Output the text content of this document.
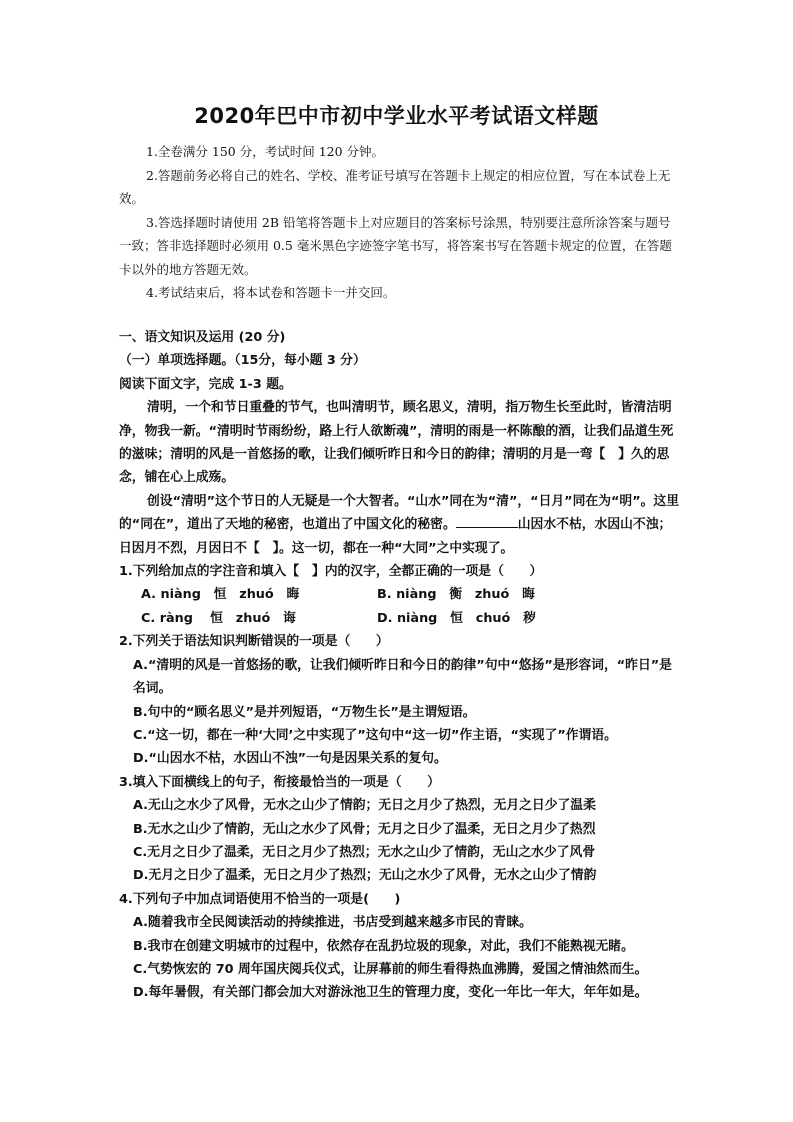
2020年巴中市初中学业水平考试语文样题

1.全卷满分 150 分，考试时间 120 分钟。

2.答题前务必将自己的姓名、学校、准考证号填写在答题卡上规定的相应位置，写在本试卷上无效。

3.答选择题时请使用 2B 铅笔将答题卡上对应题目的答案标号涂黑，特别要注意所涂答案与题号一致；答非选择题时必须用 0.5 毫米黑色字迹签字笔书写，将答案书写在答题卡规定的位置，在答题卡以外的地方答题无效。

4.考试结束后，将本试卷和答题卡一并交回。

一、语文知识及运用 (20 分)

（一）单项选择题。（15分，每小题 3 分）

阅读下面文字，完成 1-3 题。

清明，一个和节日重叠的节气，也叫清明节，顾名思义，清明，指万物生长至此时，皆清洁明净，物我一新。“清明时节雨纷纷，路上行人欲断魂”，清明的雨是一杯陈酿的酒，让我们品道生死的滋味；清明的风是一首悠扬的歌，让我们倾听昨日和今日的韵律；清明的月是一弯【　】久的思念，铺在心上成殇。

创设“清明”这个节日的人无疑是一个大智者。“山水”同在为“清”，“日月”同在为“明”。这里的“同在”，道出了天地的秘密，也道出了中国文化的秘密。	山因水不枯，水因山不浊；日因月不烈，月因日不【　】。这一切，都在一种“大同”之中实现了。

1.下列给加点的字注音和填入【　】内的汉字，全都正确的一项是（　　）

A. niàng　恒　zhuó　晦	B. niàng　衡　zhuó　晦
C. ràng　 恒　zhuó　诲	D. niàng　恒　chuó　秽

2.下列关于语法知识判断错误的一项是（　　）

A.“清明的风是一首悠扬的歌，让我们倾听昨日和今日的韵律”句中“悠扬”是形容词，“昨日”是名词。

B.句中的“顾名思义”是并列短语，“万物生长”是主谓短语。

C.“这一切，都在一种‘大同’之中实现了”这句中“这一切”作主语，“实现了”作谓语。

D.“山因水不枯，水因山不浊”一句是因果关系的复句。

3.填入下面横线上的句子，衔接最恰当的一项是（　　）

A.无山之水少了风骨，无水之山少了情韵；无日之月少了热烈，无月之日少了温柔

B.无水之山少了情韵，无山之水少了风骨；无月之日少了温柔，无日之月少了热烈

C.无月之日少了温柔，无日之月少了热烈；无水之山少了情韵，无山之水少了风骨

D.无月之日少了温柔，无日之月少了热烈；无山之水少了风骨，无水之山少了情韵

4.下列句子中加点词语使用不恰当的一项是(　　)

A.随着我市全民阅读活动的持续推进，书店受到越来越多市民的青睐。

B.我市在创建文明城市的过程中，依然存在乱扔垃圾的现象，对此，我们不能熟视无睹。

C.气势恢宏的 70 周年国庆阅兵仪式，让屏幕前的师生看得热血沸腾，爱国之情油然而生。

D.每年暑假，有关部门都会加大对游泳池卫生的管理力度，变化一年比一年大，年年如是。
